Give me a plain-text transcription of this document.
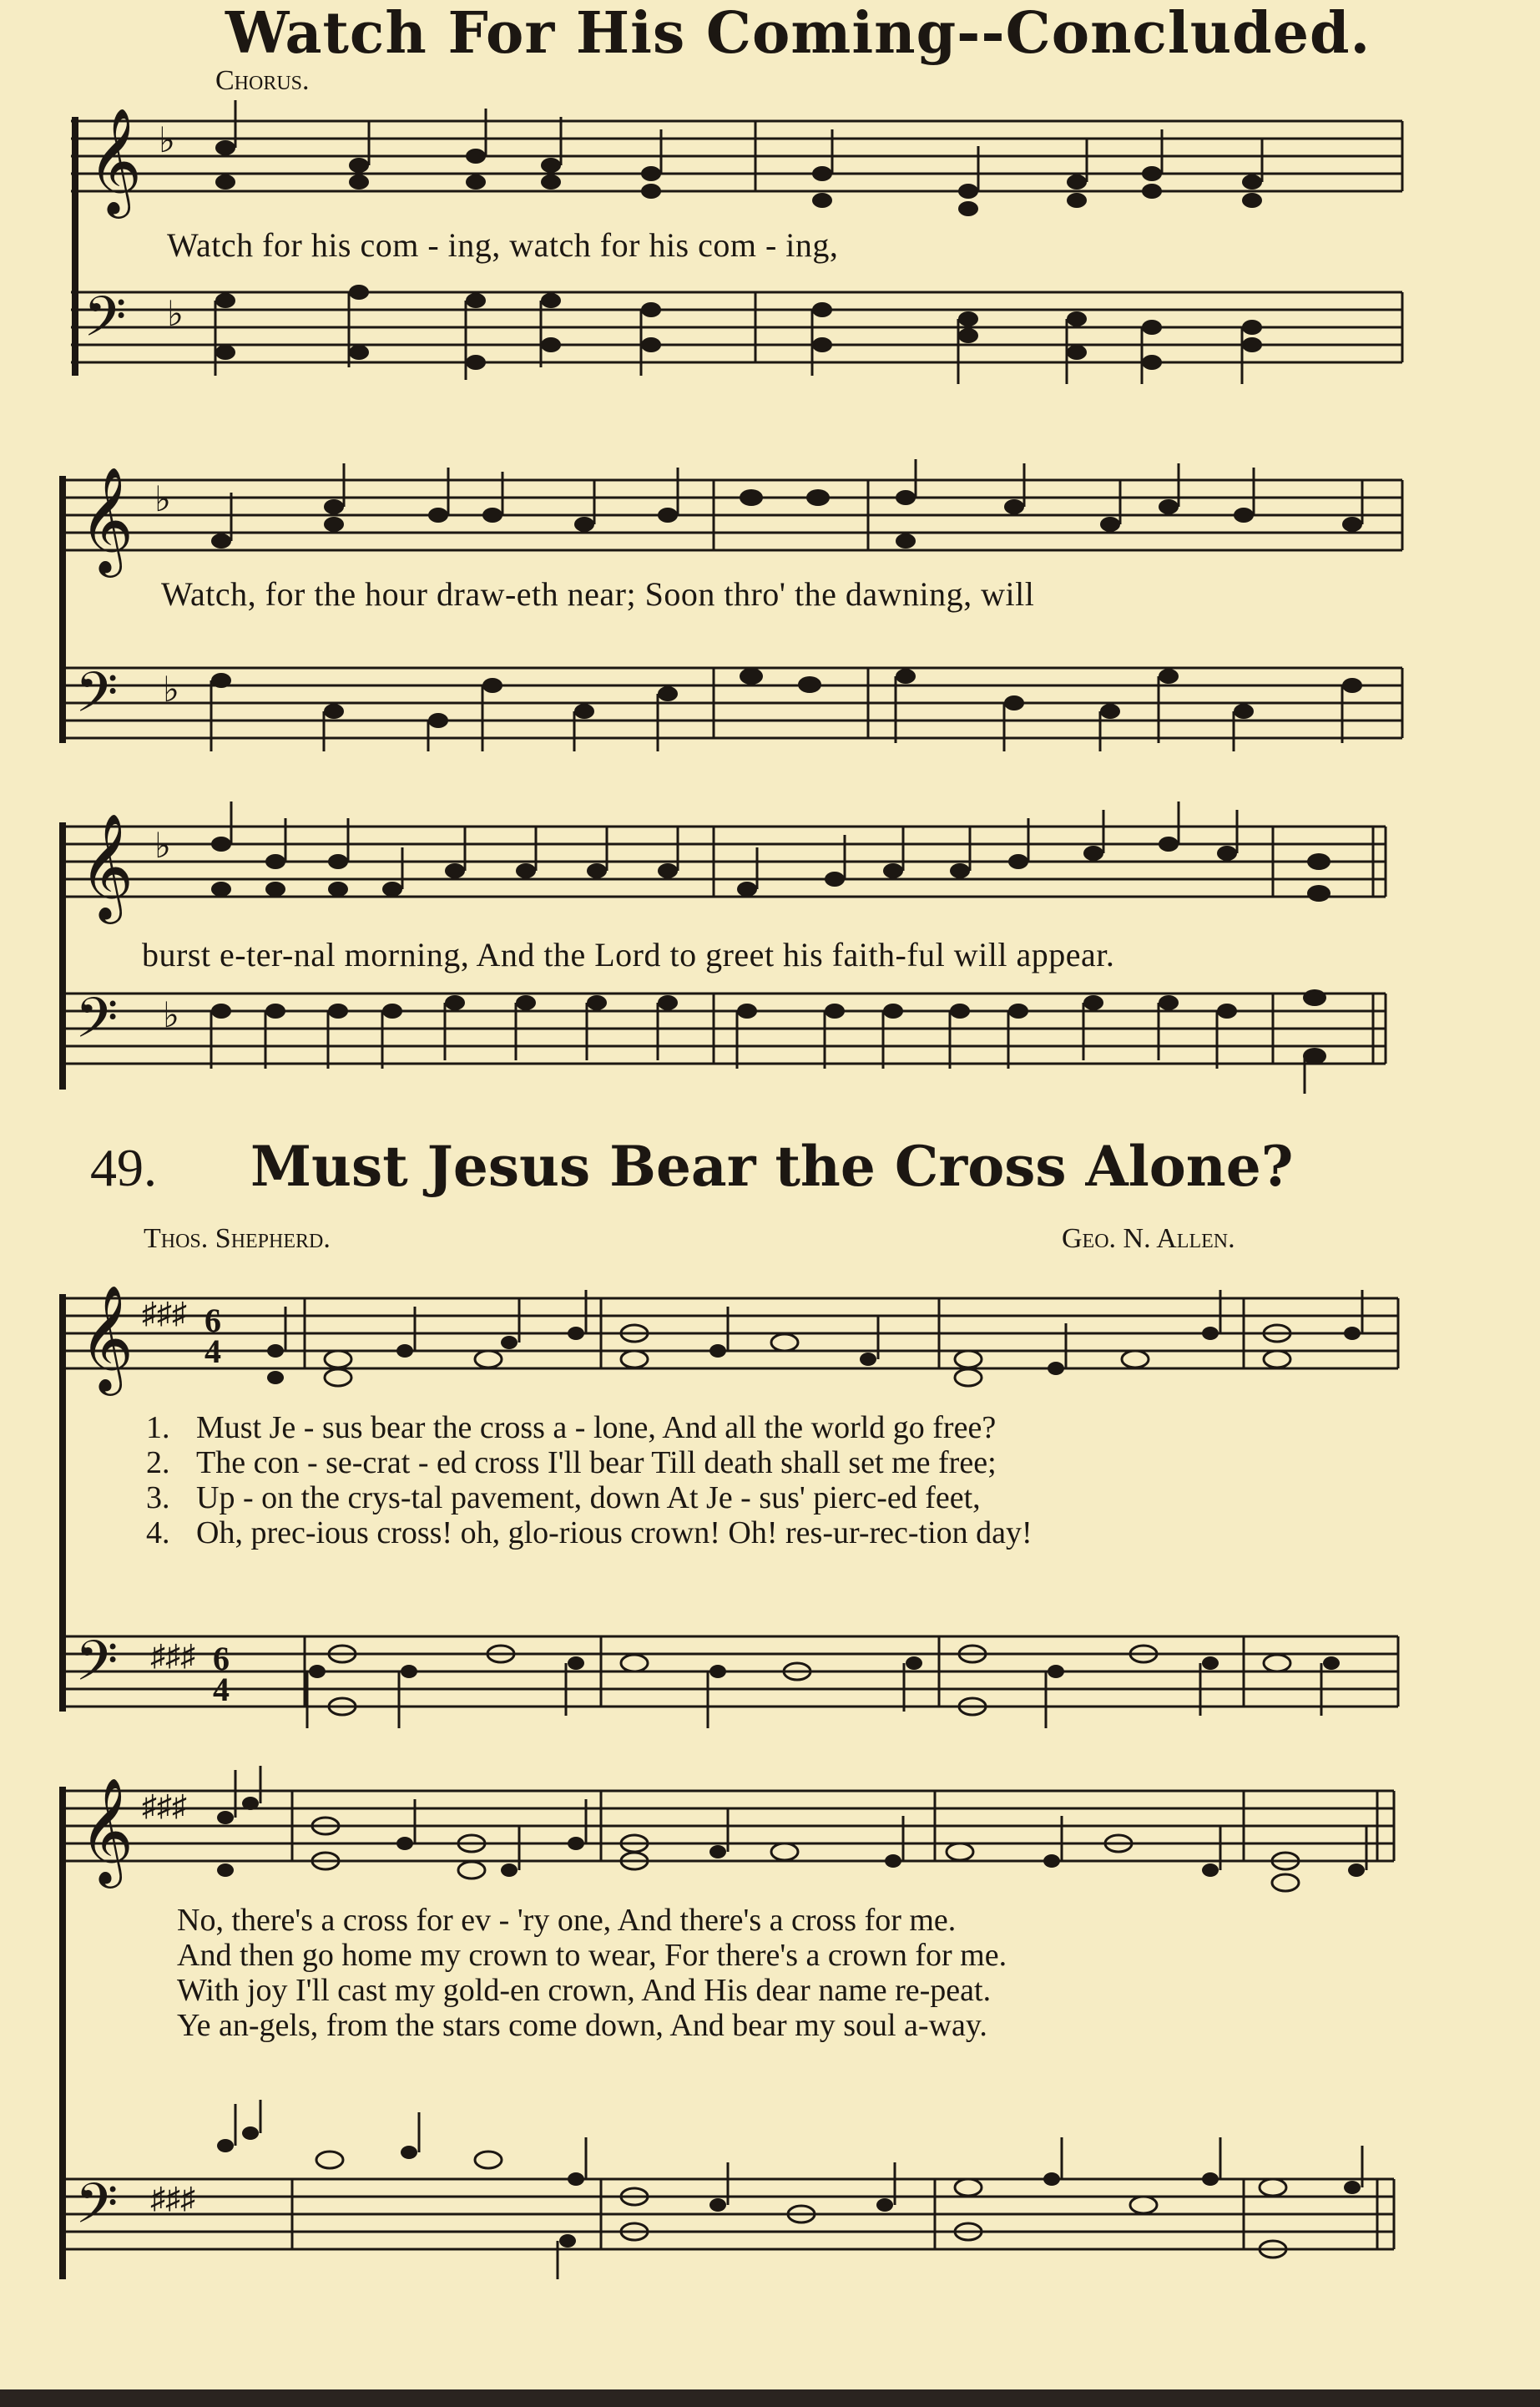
Watch For His Coming--Concluded.
Chorus.
𝄞
𝄢
♭
♭
Watch for his com - ing, watch for his com - ing,
𝄞
𝄢
♭
♭
Watch, for the hour draw-eth near; Soon thro' the dawning, will
𝄞
𝄢
♭
♭
burst e-ter-nal morning, And the Lord to greet his faith-ful will appear.
49. Must Jesus Bear the Cross Alone?
Thos. Shepherd.	Geo. N. Allen.
𝄞
𝄢
♯♯♯
♯♯♯
6
4
6
4
1. Must Je - sus bear the cross a - lone, And all the world go free?
2. The con - se-crat - ed cross I'll bear Till death shall set me free;
3. Up - on the crys-tal pavement, down At Je - sus' pierc-ed feet,
4. Oh, prec-ious cross! oh, glo-rious crown! Oh! res-ur-rec-tion day!
𝄞
𝄢
♯♯♯
♯♯♯
No, there's a cross for ev - 'ry one, And there's a cross for me.
And then go home my crown to wear, For there's a crown for me.
With joy I'll cast my gold-en crown, And His dear name re-peat.
Ye an-gels, from the stars come down, And bear my soul a-way.
